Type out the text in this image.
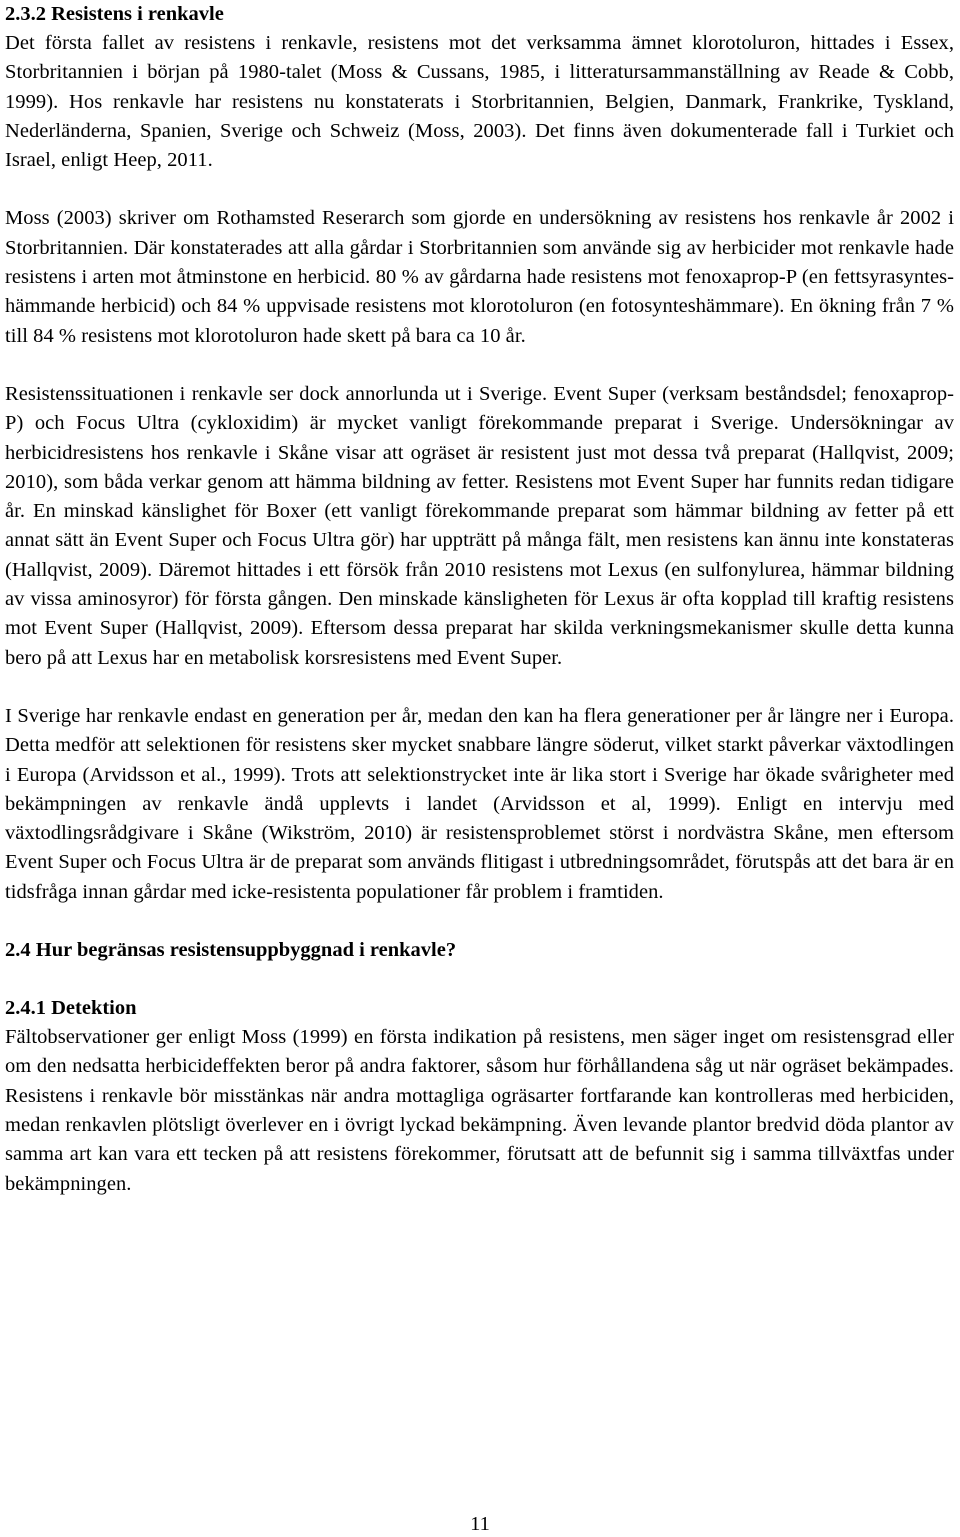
2.3.2 Resistens i renkavle

Det första fallet av resistens i renkavle, resistens mot det verksamma ämnet klorotoluron, hittades i Essex, Storbritannien i början på 1980-talet (Moss & Cussans, 1985, i litteratursammanställning av Reade & Cobb, 1999). Hos renkavle har resistens nu konstaterats i Storbritannien, Belgien, Danmark, Frankrike, Tyskland, Nederländerna, Spanien, Sverige och Schweiz (Moss, 2003). Det finns även dokumenterade fall i Turkiet och Israel, enligt Heep, 2011.

Moss (2003) skriver om Rothamsted Reserarch som gjorde en undersökning av resistens hos renkavle år 2002 i Storbritannien. Där konstaterades att alla gårdar i Storbritannien som använde sig av herbicider mot renkavle hade resistens i arten mot åtminstone en herbicid. 80 % av gårdarna hade resistens mot fenoxaprop-P (en fettsyrasyntes-hämmande herbicid) och 84 % uppvisade resistens mot klorotoluron (en fotosynteshämmare). En ökning från 7 % till 84 % resistens mot klorotoluron hade skett på bara ca 10 år.

Resistenssituationen i renkavle ser dock annorlunda ut i Sverige. Event Super (verksam beståndsdel; fenoxaprop-P) och Focus Ultra (cykloxidim) är mycket vanligt förekommande preparat i Sverige. Undersökningar av herbicidresistens hos renkavle i Skåne visar att ogräset är resistent just mot dessa två preparat (Hallqvist, 2009; 2010), som båda verkar genom att hämma bildning av fetter. Resistens mot Event Super har funnits redan tidigare år. En minskad känslighet för Boxer (ett vanligt förekommande preparat som hämmar bildning av fetter på ett annat sätt än Event Super och Focus Ultra gör) har uppträtt på många fält, men resistens kan ännu inte konstateras (Hallqvist, 2009). Däremot hittades i ett försök från 2010 resistens mot Lexus (en sulfonylurea, hämmar bildning av vissa aminosyror) för första gången. Den minskade känsligheten för Lexus är ofta kopplad till kraftig resistens mot Event Super (Hallqvist, 2009). Eftersom dessa preparat har skilda verkningsmekanismer skulle detta kunna bero på att Lexus har en metabolisk korsresistens med Event Super.

I Sverige har renkavle endast en generation per år, medan den kan ha flera generationer per år längre ner i Europa. Detta medför att selektionen för resistens sker mycket snabbare längre söderut, vilket starkt påverkar växtodlingen i Europa (Arvidsson et al., 1999). Trots att selektionstrycket inte är lika stort i Sverige har ökade svårigheter med bekämpningen av renkavle ändå upplevts i landet (Arvidsson et al, 1999). Enligt en intervju med växtodlingsrådgivare i Skåne (Wikström, 2010) är resistensproblemet störst i nordvästra Skåne, men eftersom Event Super och Focus Ultra är de preparat som används flitigast i utbredningsområdet, förutspås att det bara är en tidsfråga innan gårdar med icke-resistenta populationer får problem i framtiden.

2.4 Hur begränsas resistensuppbyggnad i renkavle?
2.4.1 Detektion

Fältobservationer ger enligt Moss (1999) en första indikation på resistens, men säger inget om resistensgrad eller om den nedsatta herbicideffekten beror på andra faktorer, såsom hur förhållandena såg ut när ogräset bekämpades. Resistens i renkavle bör misstänkas när andra mottagliga ogräsarter fortfarande kan kontrolleras med herbiciden, medan renkavlen plötsligt överlever en i övrigt lyckad bekämpning. Även levande plantor bredvid döda plantor av samma art kan vara ett tecken på att resistens förekommer, förutsatt att de befunnit sig i samma tillväxtfas under bekämpningen.

11
